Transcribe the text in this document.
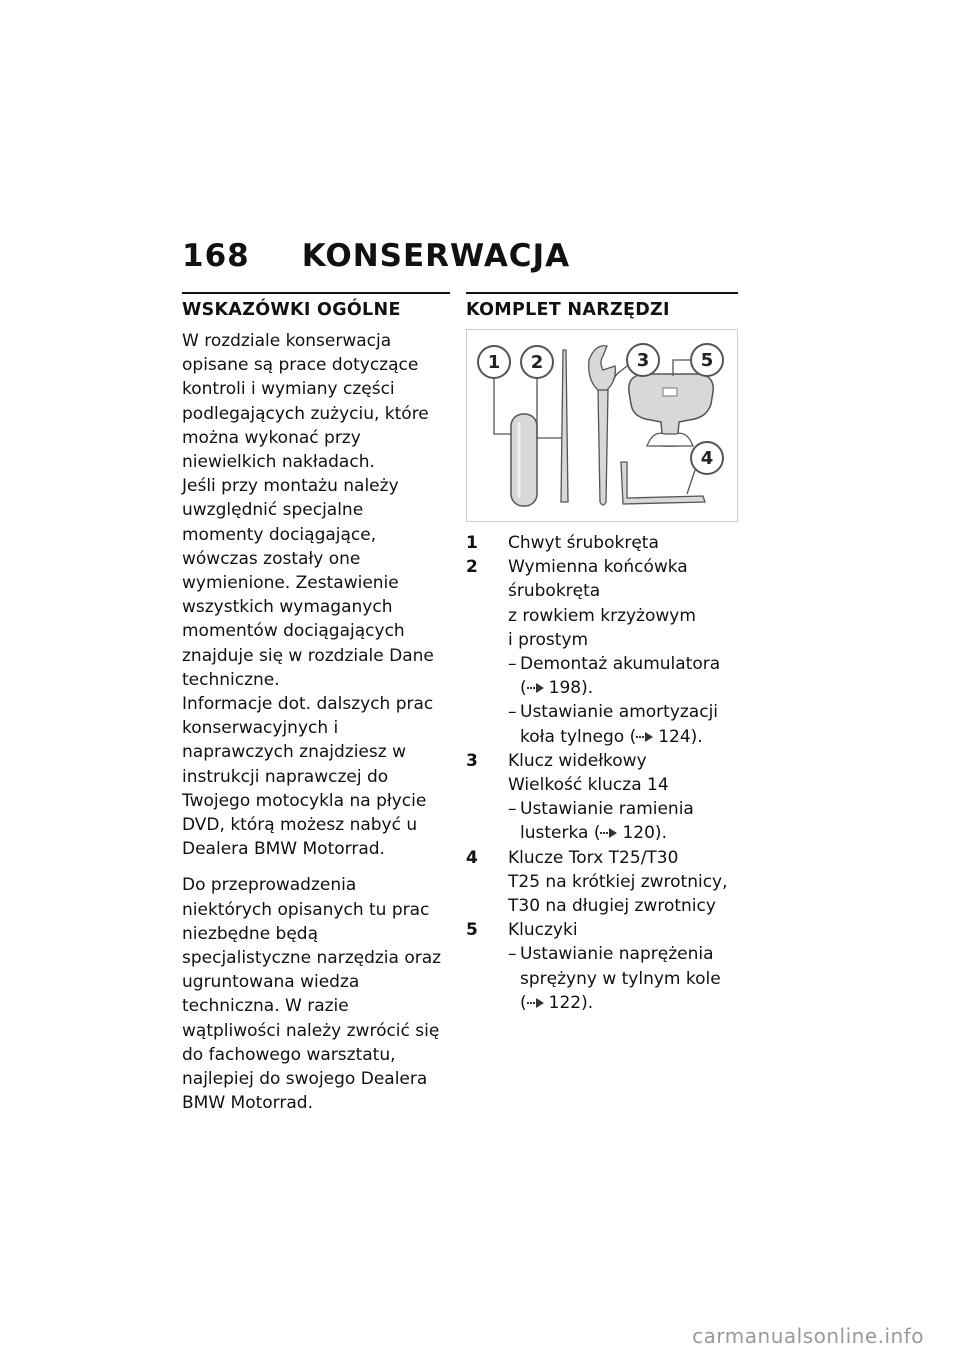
168 KONSERWACJA
WSKAZÓWKI OGÓLNE

W rozdziale konserwacja opisane są prace dotyczące kontroli i wymiany części podlegających zużyciu, które można wykonać przy niewielkich nakładach.

Jeśli przy montażu należy uwzględnić specjalne momenty dociągające, wówczas zostały one wymienione. Zestawienie wszystkich wymaganych momentów dociągających znajduje się w rozdziale Dane techniczne.

Informacje dot. dalszych prac konserwacyjnych i naprawczych znajdziesz w instrukcji naprawczej do Twojego motocykla na płycie DVD, którą możesz nabyć u Dealera BMW Motorrad.

Do przeprowadzenia niektórych opisanych tu prac niezbędne będą specjalistyczne narzędzia oraz ugruntowana wiedza techniczna. W razie wątpliwości należy zwrócić się do fachowego warsztatu, najlepiej do swojego Dealera BMW Motorrad.

KOMPLET NARZĘDZI
1 2	3	5
4
1	Chwyt śrubokręta
2	Wymienna końcówka śrubokręta
z rowkiem krzyżowym
i prostym
– Demontaż akumulatora ( 198).
– Ustawianie amortyzacji koła tylnego ( 124).
3	Klucz widełkowy
Wielkość klucza 14
– Ustawianie ramienia lusterka ( 120).
4	Klucze Torx T25/T30
T25 na krótkiej zwrotnicy,
T30 na długiej zwrotnicy
5	Kluczyki
– Ustawianie naprężenia sprężyny w tylnym kole ( 122).
carmanualsonline.info
